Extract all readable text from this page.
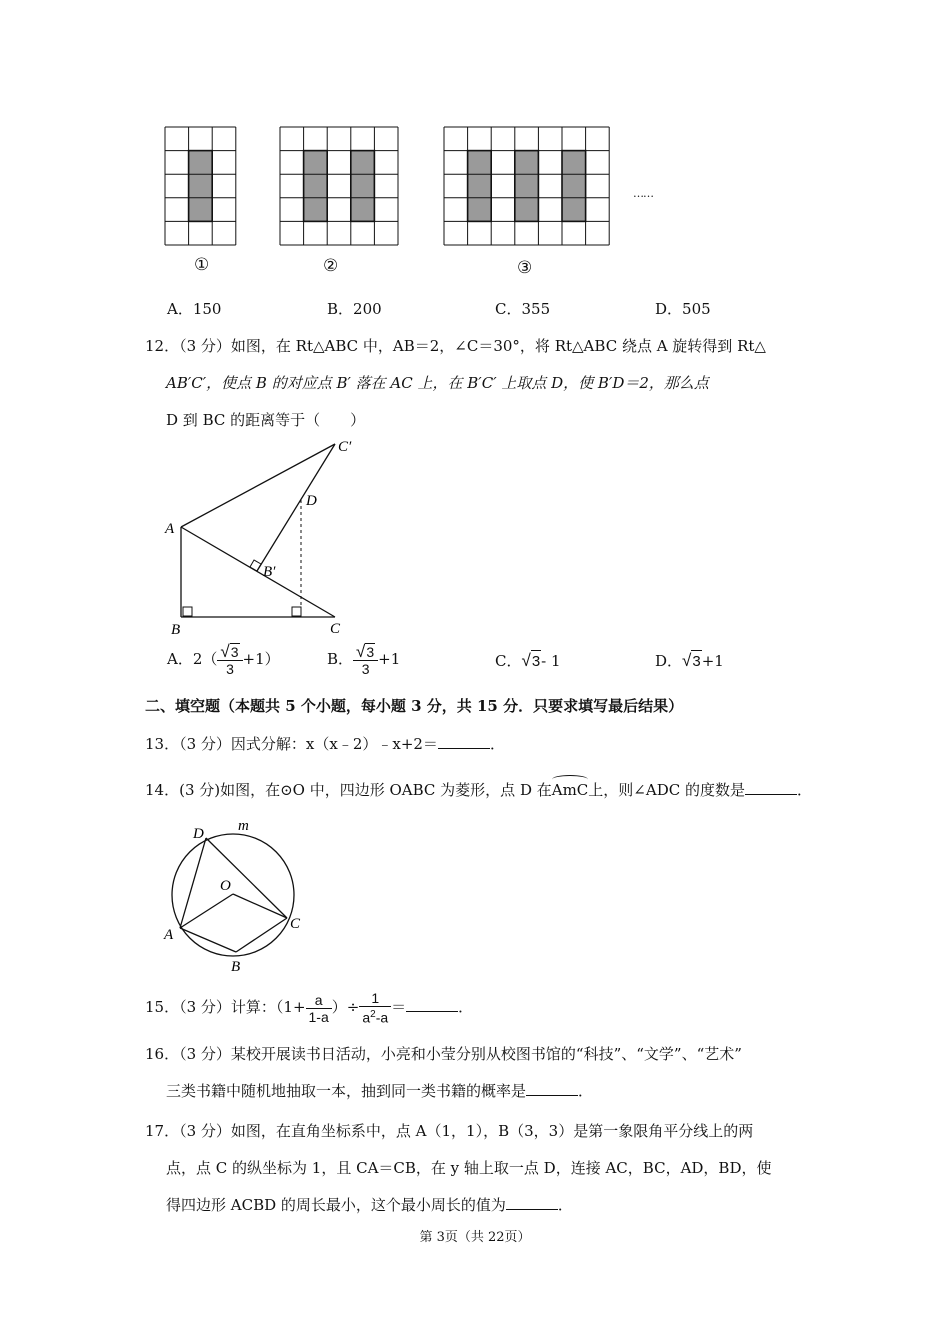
①	②	③
……
A．150	B．200	C．355	D．505
12．（3 分）如图，在 Rt△ABC 中，AB＝2，∠C＝30°，将 Rt△ABC 绕点 A 旋转得到 Rt△
AB′C′，使点 B 的对应点 B′ 落在 AC 上，在 B′C′ 上取点 D，使 B′D＝2，那么点
D 到 BC 的距离等于（　　）
A
B	C
B′
C′
D
A．$2( \frac{√3}{3} +1)$	B． $\frac{√3}{3} +1$	C．√3- 1	D．√3+1
二、填空题（本题共 5 个小题，每小题 3 分，共 15 分．只要求填写最后结果）
13．（3 分）因式分解：x（x﹣2）﹣x+2＝	．
14．(3 分)如图，在⊙O 中，四边形 OABC 为菱形，点 D 在AmC上，则∠ADC 的度数是	．
D m
O
A
C
B
15．（3 分）计算：（$1+ \frac{a}{1-a}$ ）÷ $\frac{1}{a^2-a}$ ＝	．
16．（3 分）某校开展读书日活动，小亮和小莹分别从校图书馆的“科技”、“文学”、“艺术”
三类书籍中随机地抽取一本，抽到同一类书籍的概率是	．
17．（3 分）如图，在直角坐标系中，点 A（1，1），B（3，3）是第一象限角平分线上的两
点，点 C 的纵坐标为 1，且 CA＝CB，在 y 轴上取一点 D，连接 AC，BC，AD，BD，使
得四边形 ACBD 的周长最小，这个最小周长的值为	．
第 3页（共 22页）
